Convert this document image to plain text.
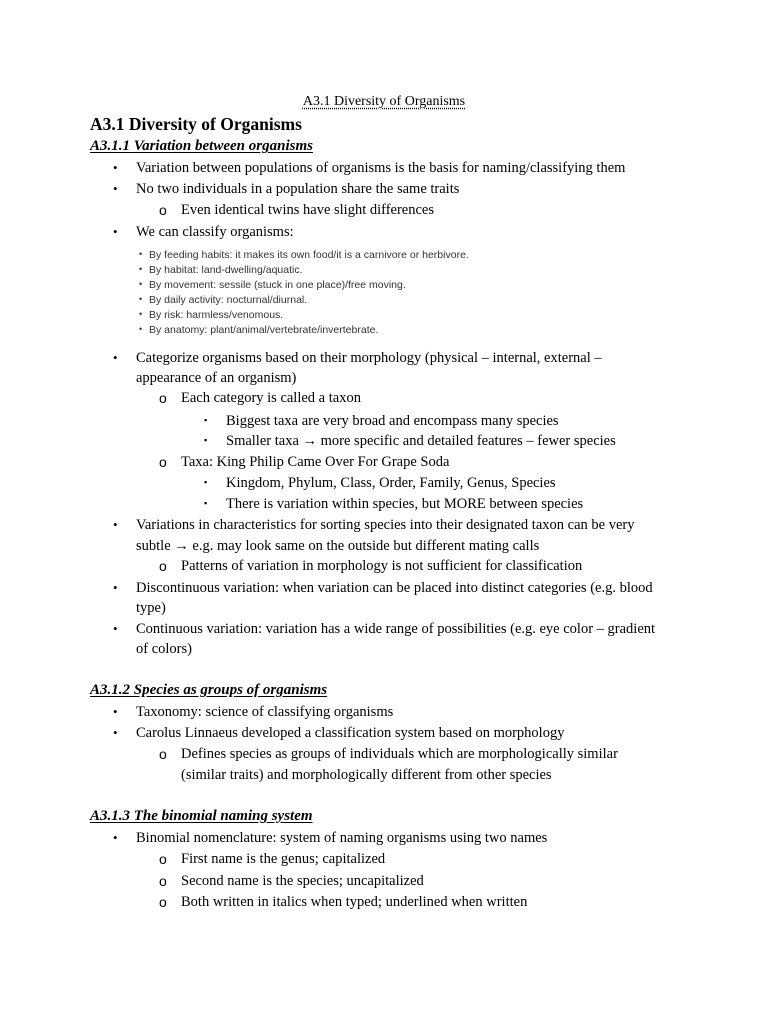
A3.1 Diversity of Organisms
A3.1 Diversity of Organisms
A3.1.1 Variation between organisms
• Variation between populations of organisms is the basis for naming/classifying them
• No two individuals in a population share the same traits
o Even identical twins have slight differences
• We can classify organisms:
• By feeding habits: it makes its own food/it is a carnivore or herbivore.
• By habitat: land-dwelling/aquatic.
• By movement: sessile (stuck in one place)/free moving.
• By daily activity: nocturnal/diurnal.
• By risk: harmless/venomous.
• By anatomy: plant/animal/vertebrate/invertebrate.
• Categorize organisms based on their morphology (physical – internal, external –
appearance of an organism)
o Each category is called a taxon
▪ Biggest taxa are very broad and encompass many species
▪ Smaller taxa → more specific and detailed features – fewer species
o Taxa: King Philip Came Over For Grape Soda
▪ Kingdom, Phylum, Class, Order, Family, Genus, Species
▪ There is variation within species, but MORE between species
• Variations in characteristics for sorting species into their designated taxon can be very
subtle → e.g. may look same on the outside but different mating calls
o Patterns of variation in morphology is not sufficient for classification
• Discontinuous variation: when variation can be placed into distinct categories (e.g. blood
type)
• Continuous variation: variation has a wide range of possibilities (e.g. eye color – gradient
of colors)
A3.1.2 Species as groups of organisms
• Taxonomy: science of classifying organisms
• Carolus Linnaeus developed a classification system based on morphology
o Defines species as groups of individuals which are morphologically similar
(similar traits) and morphologically different from other species
A3.1.3 The binomial naming system
• Binomial nomenclature: system of naming organisms using two names
o First name is the genus; capitalized
o Second name is the species; uncapitalized
o Both written in italics when typed; underlined when written
